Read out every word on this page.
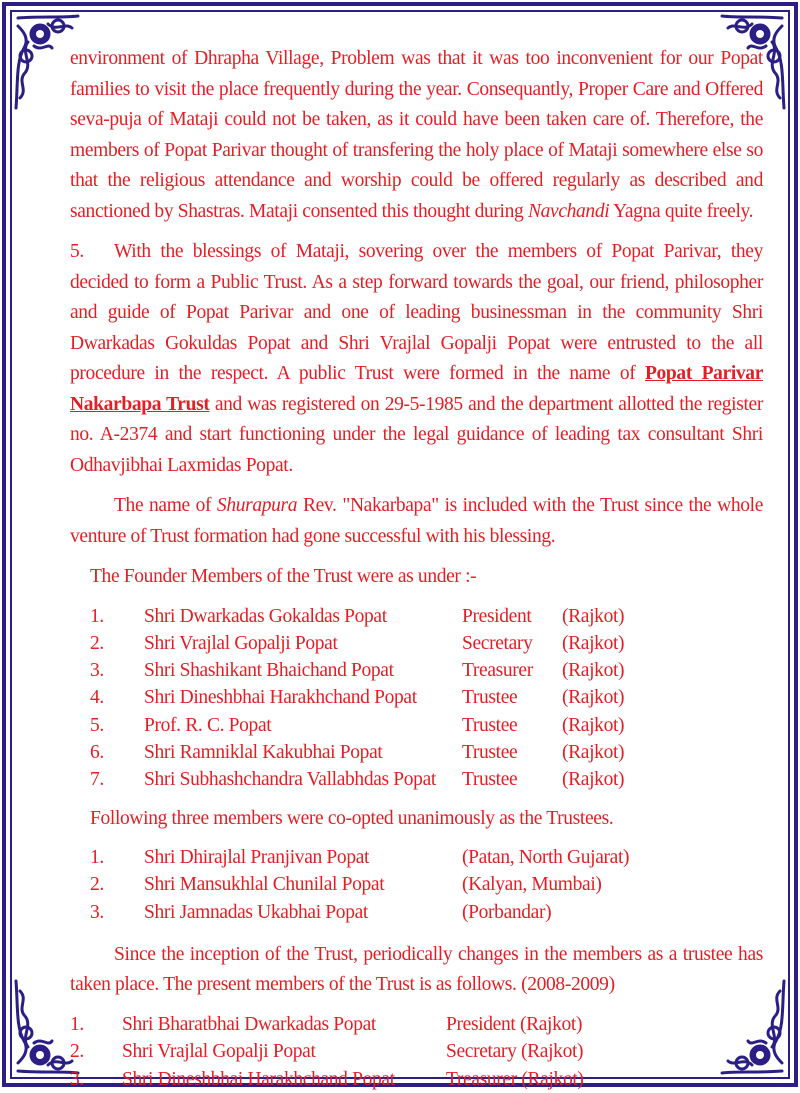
environment of Dhrapha Village, Problem was that it was too inconvenient for our Popat families to visit the place frequently during the year. Consequantly, Proper Care and Offered seva-puja of Mataji could not be taken, as it could have been taken care of. Therefore, the members of Popat Parivar thought of transfering the holy place of Mataji somewhere else so that the religious attendance and worship could be offered regularly as described and sanctioned by Shastras. Mataji consented this thought during Navchandi Yagna quite freely.

5. With the blessings of Mataji, sovering over the members of Popat Parivar, they decided to form a Public Trust. As a step forward towards the goal, our friend, philosopher and guide of Popat Parivar and one of leading businessman in the community Shri Dwarkadas Gokuldas Popat and Shri Vrajlal Gopalji Popat were entrusted to the all procedure in the respect. A public Trust were formed in the name of Popat Parivar Nakarbapa Trust and was registered on 29-5-1985 and the department allotted the register no. A-2374 and start functioning under the legal guidance of leading tax consultant Shri Odhavjibhai Laxmidas Popat.

The name of Shurapura Rev. "Nakarbapa" is included with the Trust since the whole venture of Trust formation had gone successful with his blessing.

The Founder Members of the Trust were as under :-

1.	Shri Dwarkadas Gokaldas Popat	President	(Rajkot)
2.	Shri Vrajlal Gopalji Popat	Secretary	(Rajkot)
3.	Shri Shashikant Bhaichand Popat	Treasurer	(Rajkot)
4.	Shri Dineshbhai Harakhchand Popat	Trustee	(Rajkot)
5.	Prof. R. C. Popat	Trustee	(Rajkot)
6.	Shri Ramniklal Kakubhai Popat	Trustee	(Rajkot)
7.	Shri Subhashchandra Vallabhdas Popat	Trustee	(Rajkot)

Following three members were co-opted unanimously as the Trustees.

1.	Shri Dhirajlal Pranjivan Popat	(Patan, North Gujarat)
2.	Shri Mansukhlal Chunilal Popat	(Kalyan, Mumbai)
3.	Shri Jamnadas Ukabhai Popat	(Porbandar)

Since the inception of the Trust, periodically changes in the members as a trustee has taken place. The present members of the Trust is as follows. (2008-2009)

1.	Shri Bharatbhai Dwarkadas Popat	President (Rajkot)
2.	Shri Vrajlal Gopalji Popat	Secretary (Rajkot)
3.	Shri Dineshbhai Harakhchand Popat	Treasurer (Rajkot)
